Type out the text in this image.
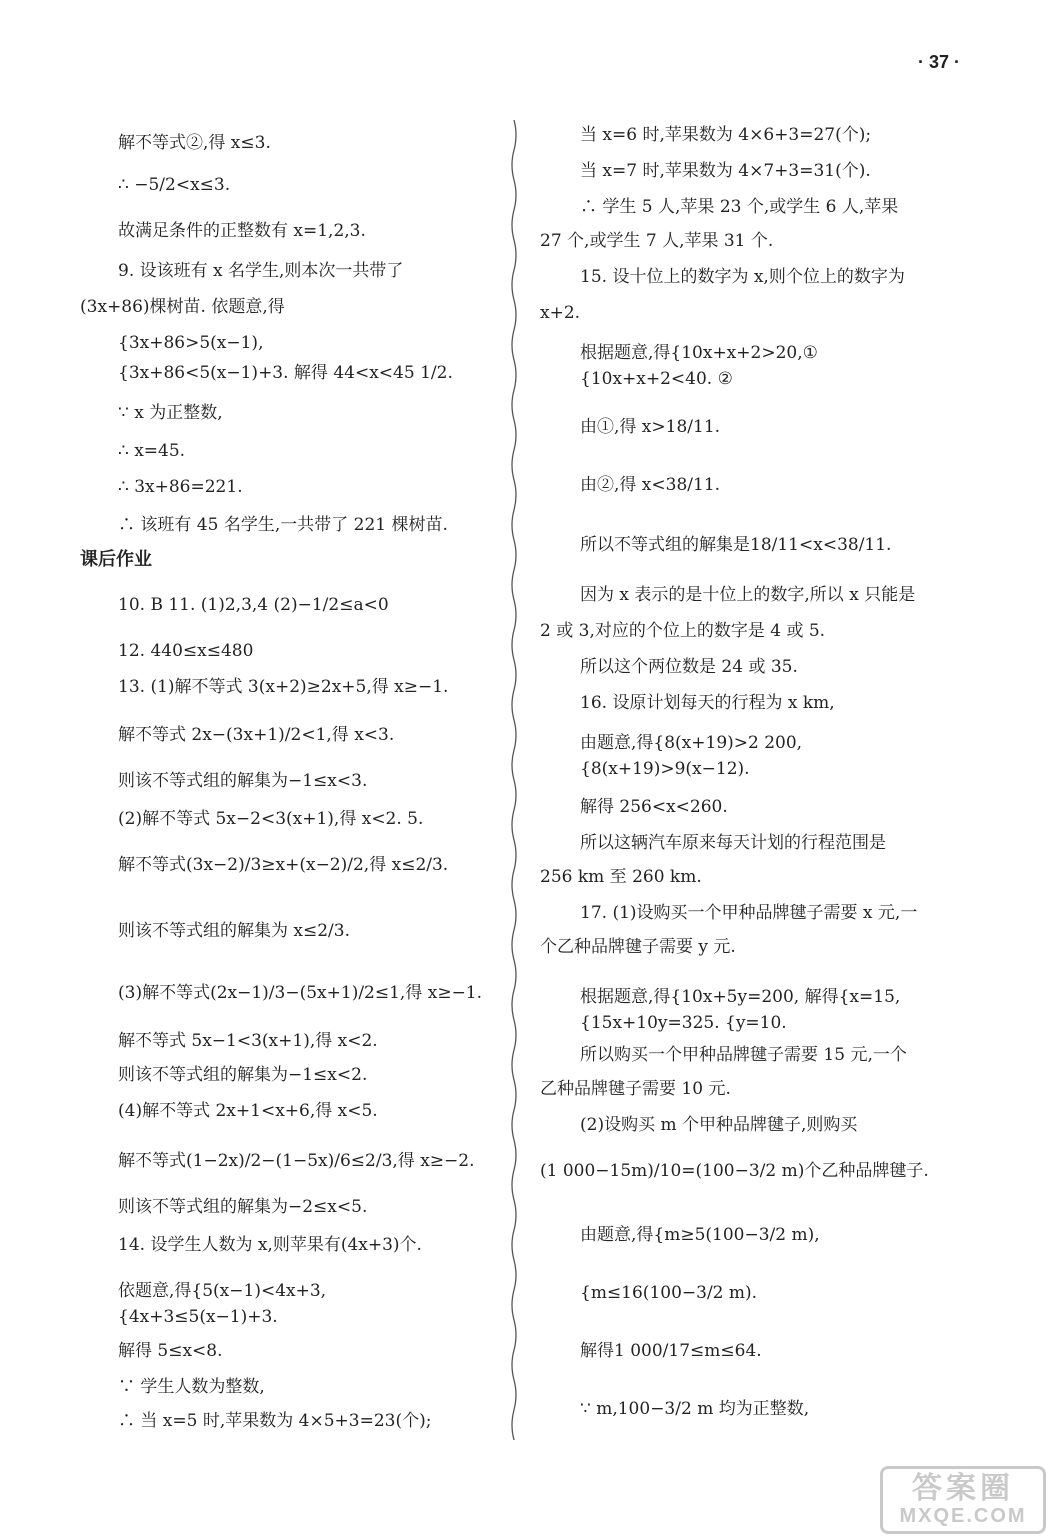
· 37 ·
解不等式②,得 x≤3.
∴ −5/2<x≤3.
故满足条件的正整数有 x=1,2,3.
9. 设该班有 x 名学生,则本次一共带了
(3x+86)棵树苗. 依题意,得
{3x+86>5(x−1),
{3x+86<5(x−1)+3. 解得 44<x<45 1/2.
∵ x 为正整数,
∴ x=45.
∴ 3x+86=221.
∴ 该班有 45 名学生,一共带了 221 棵树苗.
课后作业
10. B 11. (1)2,3,4 (2)−1/2≤a<0
12. 440≤x≤480
13. (1)解不等式 3(x+2)≥2x+5,得 x≥−1.
解不等式 2x−(3x+1)/2<1,得 x<3.
则该不等式组的解集为−1≤x<3.
(2)解不等式 5x−2<3(x+1),得 x<2. 5.
解不等式(3x−2)/3≥x+(x−2)/2,得 x≤2/3.
则该不等式组的解集为 x≤2/3.
(3)解不等式(2x−1)/3−(5x+1)/2≤1,得 x≥−1.
解不等式 5x−1<3(x+1),得 x<2.
则该不等式组的解集为−1≤x<2.
(4)解不等式 2x+1<x+6,得 x<5.
解不等式(1−2x)/2−(1−5x)/6≤2/3,得 x≥−2.
则该不等式组的解集为−2≤x<5.
14. 设学生人数为 x,则苹果有(4x+3)个.
依题意,得{5(x−1)<4x+3,
{4x+3≤5(x−1)+3.
解得 5≤x<8.
∵ 学生人数为整数,
∴ 当 x=5 时,苹果数为 4×5+3=23(个);
当 x=6 时,苹果数为 4×6+3=27(个);
当 x=7 时,苹果数为 4×7+3=31(个).
∴ 学生 5 人,苹果 23 个,或学生 6 人,苹果
27 个,或学生 7 人,苹果 31 个.
15. 设十位上的数字为 x,则个位上的数字为
x+2.
根据题意,得{10x+x+2>20,①
{10x+x+2<40. ②
由①,得 x>18/11.
由②,得 x<38/11.
所以不等式组的解集是18/11<x<38/11.
因为 x 表示的是十位上的数字,所以 x 只能是
2 或 3,对应的个位上的数字是 4 或 5.
所以这个两位数是 24 或 35.
16. 设原计划每天的行程为 x km,
由题意,得{8(x+19)>2 200,
{8(x+19)>9(x−12).
解得 256<x<260.
所以这辆汽车原来每天计划的行程范围是
256 km 至 260 km.
17. (1)设购买一个甲种品牌毽子需要 x 元,一
个乙种品牌毽子需要 y 元.
根据题意,得{10x+5y=200, 解得{x=15,
{15x+10y=325. {y=10.
所以购买一个甲种品牌毽子需要 15 元,一个
乙种品牌毽子需要 10 元.
(2)设购买 m 个甲种品牌毽子,则购买
(1 000−15m)/10=(100−3/2 m)个乙种品牌毽子.
由题意,得{m≥5(100−3/2 m),
{m≤16(100−3/2 m).
解得1 000/17≤m≤64.
∵ m,100−3/2 m 均为正整数,
答案圈
MXQE.COM
